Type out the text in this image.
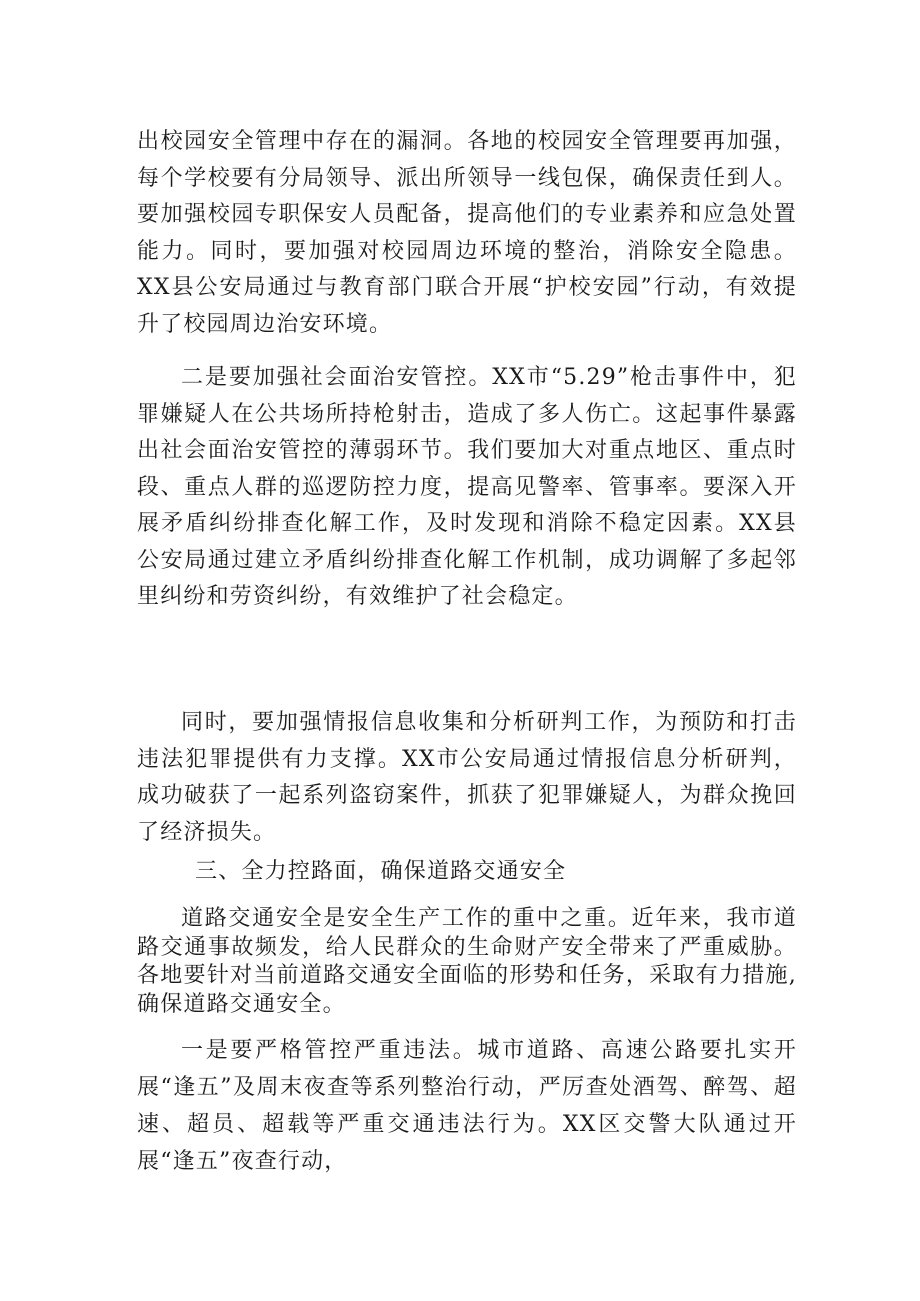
出校园安全管理中存在的漏洞。各地的校园安全管理要再加强，每个学校要有分局领导、派出所领导一线包保，确保责任到人。要加强校园专职保安人员配备，提高他们的专业素养和应急处置能力。同时，要加强对校园周边环境的整治，消除安全隐患。XX县公安局通过与教育部门联合开展“护校安园”行动，有效提升了校园周边治安环境。

二是要加强社会面治安管控。XX市“5.29”枪击事件中，犯罪嫌疑人在公共场所持枪射击，造成了多人伤亡。这起事件暴露出社会面治安管控的薄弱环节。我们要加大对重点地区、重点时段、重点人群的巡逻防控力度，提高见警率、管事率。要深入开展矛盾纠纷排查化解工作，及时发现和消除不稳定因素。XX县公安局通过建立矛盾纠纷排查化解工作机制，成功调解了多起邻里纠纷和劳资纠纷，有效维护了社会稳定。

同时，要加强情报信息收集和分析研判工作，为预防和打击违法犯罪提供有力支撑。XX市公安局通过情报信息分析研判，成功破获了一起系列盗窃案件，抓获了犯罪嫌疑人，为群众挽回了经济损失。

三、全力控路面，确保道路交通安全

道路交通安全是安全生产工作的重中之重。近年来，我市道路交通事故频发，给人民群众的生命财产安全带来了严重威胁。各地要针对当前道路交通安全面临的形势和任务，采取有力措施,确保道路交通安全。

一是要严格管控严重违法。城市道路、高速公路要扎实开展“逢五”及周末夜查等系列整治行动，严厉查处酒驾、醉驾、超速、超员、超载等严重交通违法行为。XX区交警大队通过开展“逢五”夜查行动，
